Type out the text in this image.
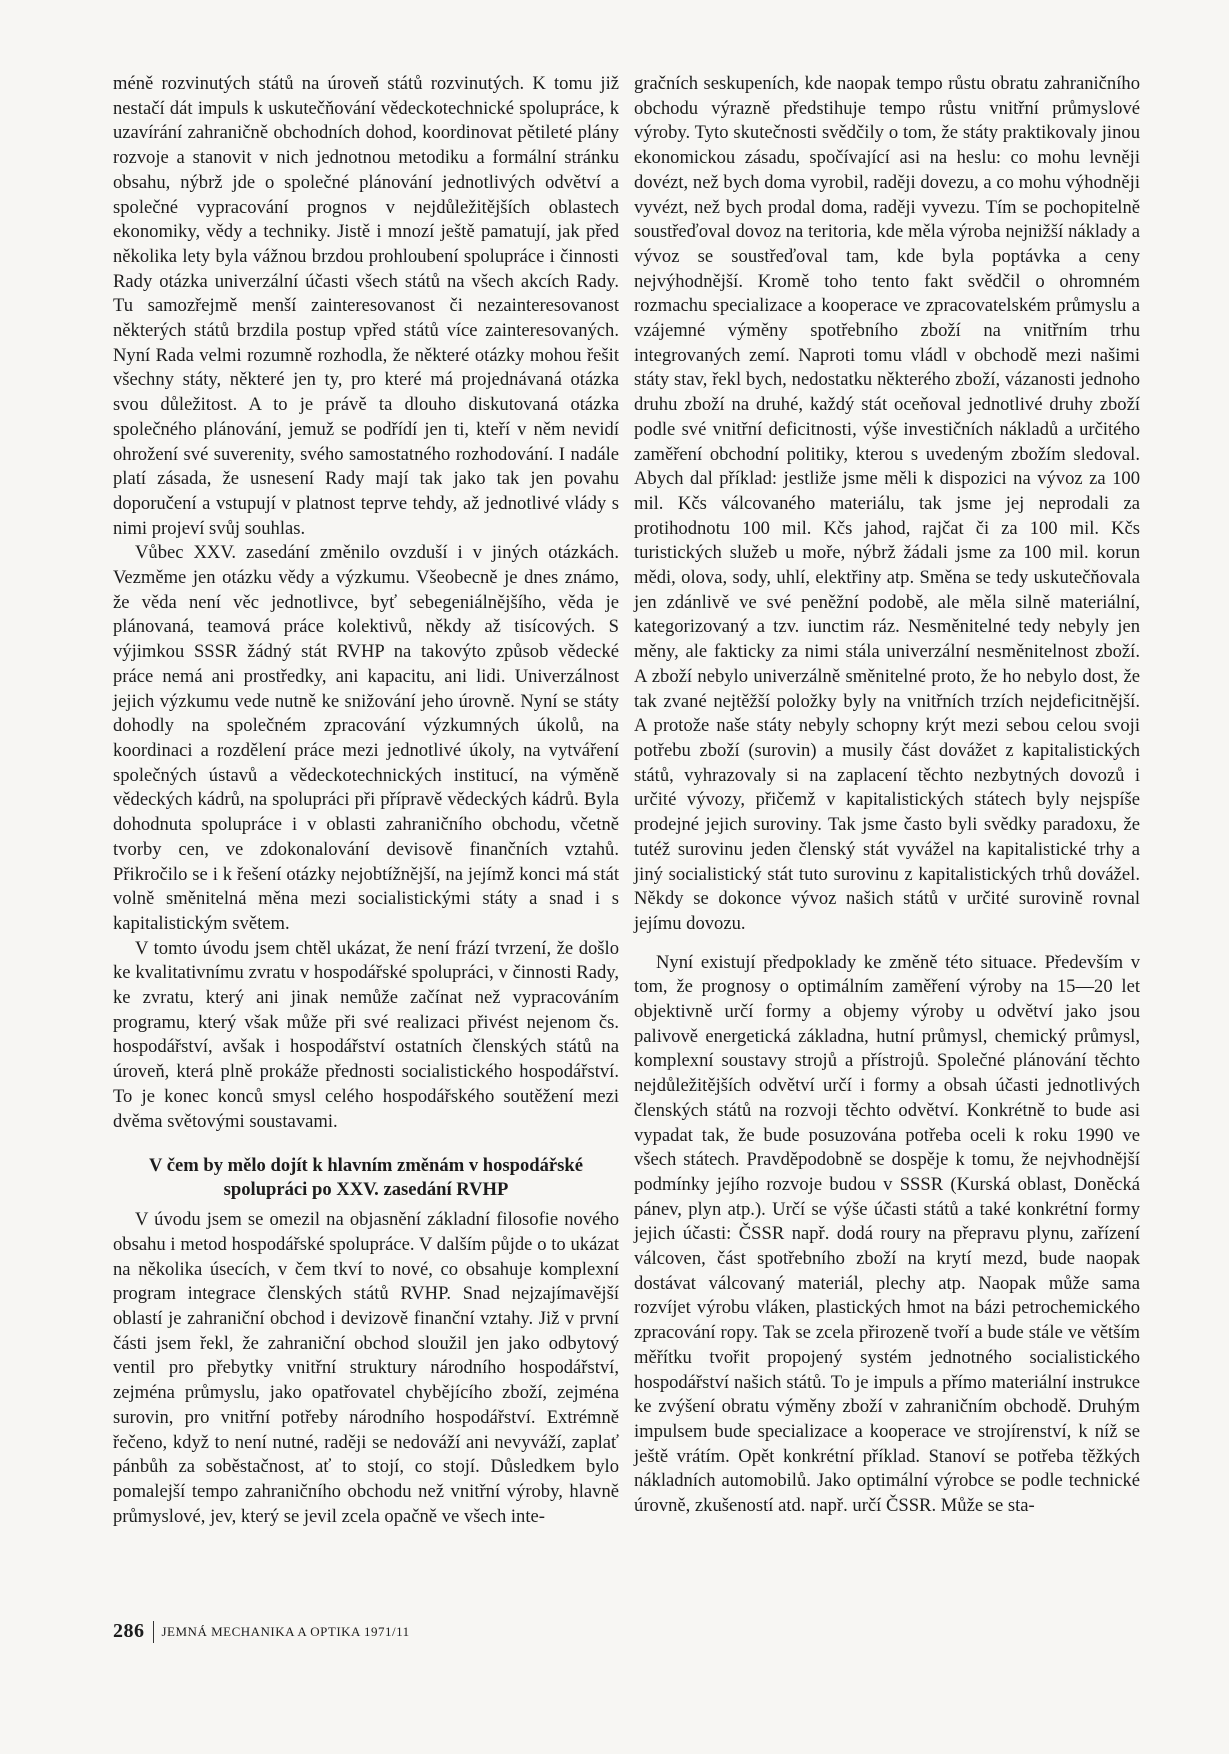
méně rozvinutých států na úroveň států rozvinutých. K tomu již nestačí dát impuls k uskutečňování vědeckotechnické spolupráce, k uzavírání zahraničně obchodních dohod, koordinovat pětileté plány rozvoje a stanovit v nich jednotnou metodiku a formální stránku obsahu, nýbrž jde o společné plánování jednotlivých odvětví a společné vypracování prognos v nejdůležitějších oblastech ekonomiky, vědy a techniky. Jistě i mnozí ještě pamatují, jak před několika lety byla vážnou brzdou prohloubení spolupráce i činnosti Rady otázka univerzální účasti všech států na všech akcích Rady. Tu samozřejmě menší zainteresovanost či nezainteresovanost některých států brzdila postup vpřed států více zainteresovaných. Nyní Rada velmi rozumně rozhodla, že některé otázky mohou řešit všechny státy, některé jen ty, pro které má projednávaná otázka svou důležitost. A to je právě ta dlouho diskutovaná otázka společného plánování, jemuž se podřídí jen ti, kteří v něm nevidí ohrožení své suverenity, svého samostatného rozhodování. I nadále platí zásada, že usnesení Rady mají tak jako tak jen povahu doporučení a vstupují v platnost teprve tehdy, až jednotlivé vlády s nimi projeví svůj souhlas.

Vůbec XXV. zasedání změnilo ovzduší i v jiných otázkách. Vezměme jen otázku vědy a výzkumu. Všeobecně je dnes známo, že věda není věc jednotlivce, byť sebegeniálnějšího, věda je plánovaná, teamová práce kolektivů, někdy až tisícových. S výjimkou SSSR žádný stát RVHP na takovýto způsob vědecké práce nemá ani prostředky, ani kapacitu, ani lidi. Univerzálnost jejich výzkumu vede nutně ke snižování jeho úrovně. Nyní se státy dohodly na společném zpracování výzkumných úkolů, na koordinaci a rozdělení práce mezi jednotlivé úkoly, na vytváření společných ústavů a vědeckotechnických institucí, na výměně vědeckých kádrů, na spolupráci při přípravě vědeckých kádrů. Byla dohodnuta spolupráce i v oblasti zahraničního obchodu, včetně tvorby cen, ve zdokonalování devisově finančních vztahů. Přikročilo se i k řešení otázky nejobtížnější, na jejímž konci má stát volně směnitelná měna mezi socialistickými státy a snad i s kapitalistickým světem.

V tomto úvodu jsem chtěl ukázat, že není frází tvrzení, že došlo ke kvalitativnímu zvratu v hospodářské spolupráci, v činnosti Rady, ke zvratu, který ani jinak nemůže začínat než vypracováním programu, který však může při své realizaci přivést nejenom čs. hospodářství, avšak i hospodářství ostatních členských států na úroveň, která plně prokáže přednosti socialistického hospodářství. To je konec konců smysl celého hospodářského soutěžení mezi dvěma světovými soustavami.

V čem by mělo dojít k hlavním změnám v hospodářské spolupráci po XXV. zasedání RVHP

V úvodu jsem se omezil na objasnění základní filosofie nového obsahu i metod hospodářské spolupráce. V dalším půjde o to ukázat na několika úsecích, v čem tkví to nové, co obsahuje komplexní program integrace členských států RVHP. Snad nejzajímavější oblastí je zahraniční obchod i devizově finanční vztahy. Již v první části jsem řekl, že zahraniční obchod sloužil jen jako odbytový ventil pro přebytky vnitřní struktury národního hospodářství, zejména průmyslu, jako opatřovatel chybějícího zboží, zejména surovin, pro vnitřní potřeby národního hospodářství. Extrémně řečeno, když to není nutné, raději se nedováží ani nevyváží, zaplať pánbůh za soběstačnost, ať to stojí, co stojí. Důsledkem bylo pomalejší tempo zahraničního obchodu než vnitřní výroby, hlavně průmyslové, jev, který se jevil zcela opačně ve všech inte-

gračních seskupeních, kde naopak tempo růstu obratu zahraničního obchodu výrazně předstihuje tempo růstu vnitřní průmyslové výroby. Tyto skutečnosti svědčily o tom, že státy praktikovaly jinou ekonomickou zásadu, spočívající asi na heslu: co mohu levněji dovézt, než bych doma vyrobil, raději dovezu, a co mohu výhodněji vyvézt, než bych prodal doma, raději vyvezu. Tím se pochopitelně soustřeďoval dovoz na teritoria, kde měla výroba nejnižší náklady a vývoz se soustřeďoval tam, kde byla poptávka a ceny nejvýhodnější. Kromě toho tento fakt svědčil o ohromném rozmachu specializace a kooperace ve zpracovatelském průmyslu a vzájemné výměny spotřebního zboží na vnitřním trhu integrovaných zemí. Naproti tomu vládl v obchodě mezi našimi státy stav, řekl bych, nedostatku některého zboží, vázanosti jednoho druhu zboží na druhé, každý stát oceňoval jednotlivé druhy zboží podle své vnitřní deficitnosti, výše investičních nákladů a určitého zaměření obchodní politiky, kterou s uvedeným zbožím sledoval. Abych dal příklad: jestliže jsme měli k dispozici na vývoz za 100 mil. Kčs válcovaného materiálu, tak jsme jej neprodali za protihodnotu 100 mil. Kčs jahod, rajčat či za 100 mil. Kčs turistických služeb u moře, nýbrž žádali jsme za 100 mil. korun mědi, olova, sody, uhlí, elektřiny atp. Směna se tedy uskutečňovala jen zdánlivě ve své peněžní podobě, ale měla silně materiální, kategorizovaný a tzv. iunctim ráz. Nesměnitelné tedy nebyly jen měny, ale fakticky za nimi stála univerzální nesměnitelnost zboží. A zboží nebylo univerzálně směnitelné proto, že ho nebylo dost, že tak zvané nejtěžší položky byly na vnitřních trzích nejdeficitnější. A protože naše státy nebyly schopny krýt mezi sebou celou svoji potřebu zboží (surovin) a musily část dovážet z kapitalistických států, vyhrazovaly si na zaplacení těchto nezbytných dovozů i určité vývozy, přičemž v kapitalistických státech byly nejspíše prodejné jejich suroviny. Tak jsme často byli svědky paradoxu, že tutéž surovinu jeden členský stát vyvážel na kapitalistické trhy a jiný socialistický stát tuto surovinu z kapitalistických trhů dovážel. Někdy se dokonce vývoz našich států v určité surovině rovnal jejímu dovozu.

Nyní existují předpoklady ke změně této situace. Především v tom, že prognosy o optimálním zaměření výroby na 15—20 let objektivně určí formy a objemy výroby u odvětví jako jsou palivově energetická základna, hutní průmysl, chemický průmysl, komplexní soustavy strojů a přístrojů. Společné plánování těchto nejdůležitějších odvětví určí i formy a obsah účasti jednotlivých členských států na rozvoji těchto odvětví. Konkrétně to bude asi vypadat tak, že bude posuzována potřeba oceli k roku 1990 ve všech státech. Pravděpodobně se dospěje k tomu, že nejvhodnější podmínky jejího rozvoje budou v SSSR (Kurská oblast, Doněcká pánev, plyn atp.). Určí se výše účasti států a také konkrétní formy jejich účasti: ČSSR např. dodá roury na přepravu plynu, zařízení válcoven, část spotřebního zboží na krytí mezd, bude naopak dostávat válcovaný materiál, plechy atp. Naopak může sama rozvíjet výrobu vláken, plastických hmot na bázi petrochemického zpracování ropy. Tak se zcela přirozeně tvoří a bude stále ve větším měřítku tvořit propojený systém jednotného socialistického hospodářství našich států. To je impuls a přímo materiální instrukce ke zvýšení obratu výměny zboží v zahraničním obchodě. Druhým impulsem bude specializace a kooperace ve strojírenství, k níž se ještě vrátím. Opět konkrétní příklad. Stanoví se potřeba těžkých nákladních automobilů. Jako optimální výrobce se podle technické úrovně, zkušeností atd. např. určí ČSSR. Může se sta-

286 JEMNÁ MECHANIKA A OPTIKA 1971/11
